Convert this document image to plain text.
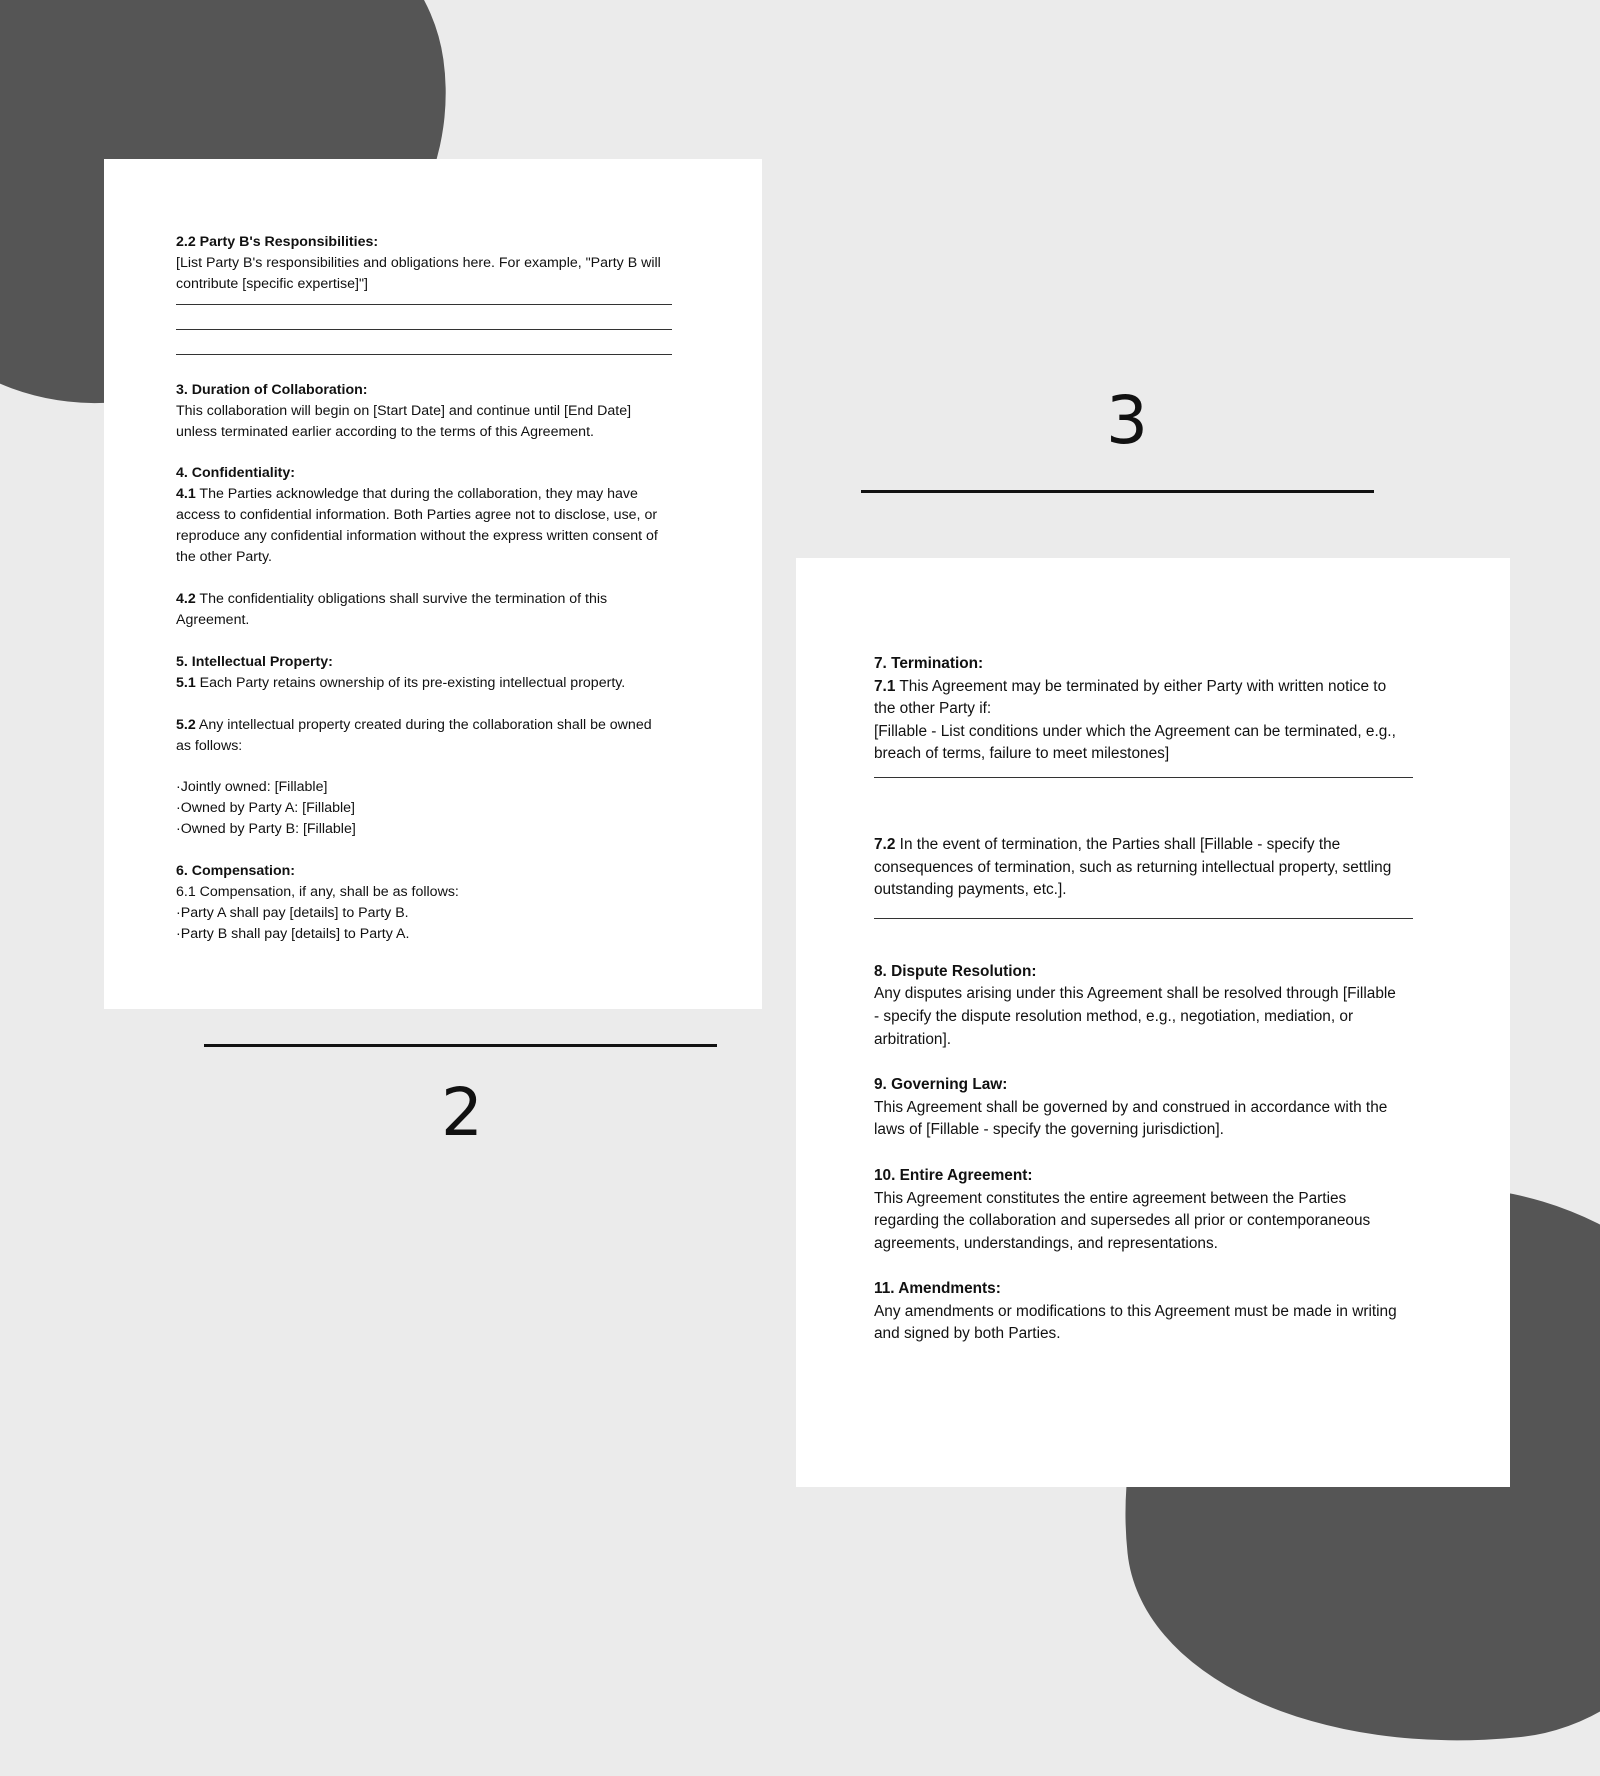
2.2 Party B's Responsibilities:
[List Party B's responsibilities and obligations here. For example, "Party B will
contribute [specific expertise]"]
3. Duration of Collaboration:
This collaboration will begin on [Start Date] and continue until [End Date]
unless terminated earlier according to the terms of this Agreement.
4. Confidentiality:
4.1 The Parties acknowledge that during the collaboration, they may have
access to confidential information. Both Parties agree not to disclose, use, or
reproduce any confidential information without the express written consent of
the other Party.
4.2 The confidentiality obligations shall survive the termination of this
Agreement.
5. Intellectual Property:
5.1 Each Party retains ownership of its pre-existing intellectual property.
5.2 Any intellectual property created during the collaboration shall be owned
as follows:
·Jointly owned: [Fillable]
·Owned by Party A: [Fillable]
·Owned by Party B: [Fillable]
6. Compensation:
6.1 Compensation, if any, shall be as follows:
·Party A shall pay [details] to Party B.
·Party B shall pay [details] to Party A.
2
3
7. Termination:
7.1 This Agreement may be terminated by either Party with written notice to
the other Party if:
[Fillable - List conditions under which the Agreement can be terminated, e.g.,
breach of terms, failure to meet milestones]
7.2 In the event of termination, the Parties shall [Fillable - specify the
consequences of termination, such as returning intellectual property, settling
outstanding payments, etc.].
8. Dispute Resolution:
Any disputes arising under this Agreement shall be resolved through [Fillable
- specify the dispute resolution method, e.g., negotiation, mediation, or
arbitration].
9. Governing Law:
This Agreement shall be governed by and construed in accordance with the
laws of [Fillable - specify the governing jurisdiction].
10. Entire Agreement:
This Agreement constitutes the entire agreement between the Parties
regarding the collaboration and supersedes all prior or contemporaneous
agreements, understandings, and representations.
11. Amendments:
Any amendments or modifications to this Agreement must be made in writing
and signed by both Parties.
